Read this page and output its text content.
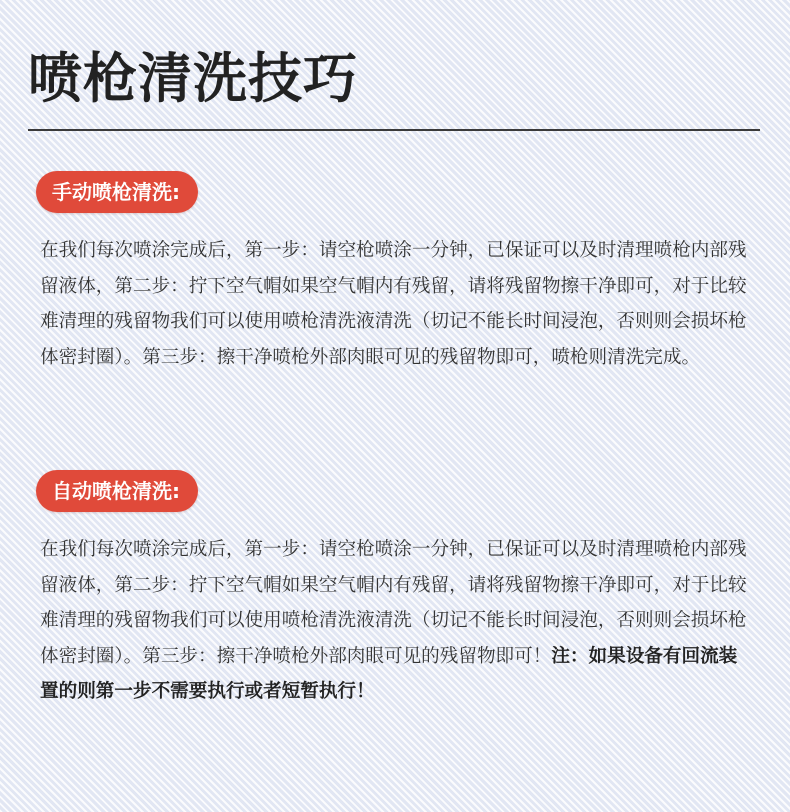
喷枪清洗技巧
手动喷枪清洗:

在我们每次喷涂完成后，第一步：请空枪喷涂一分钟，已保证可以及时清理喷枪内部残留液体，第二步：拧下空气帽如果空气帽内有残留，请将残留物擦干净即可，对于比较难清理的残留物我们可以使用喷枪清洗液清洗（切记不能长时间浸泡，否则则会损坏枪体密封圈）。第三步：擦干净喷枪外部肉眼可见的残留物即可，喷枪则清洗完成。

自动喷枪清洗:

在我们每次喷涂完成后，第一步：请空枪喷涂一分钟，已保证可以及时清理喷枪内部残留液体，第二步：拧下空气帽如果空气帽内有残留，请将残留物擦干净即可，对于比较难清理的残留物我们可以使用喷枪清洗液清洗（切记不能长时间浸泡，否则则会损坏枪体密封圈）。第三步：擦干净喷枪外部肉眼可见的残留物即可！注：如果设备有回流装置的则第一步不需要执行或者短暂执行！
